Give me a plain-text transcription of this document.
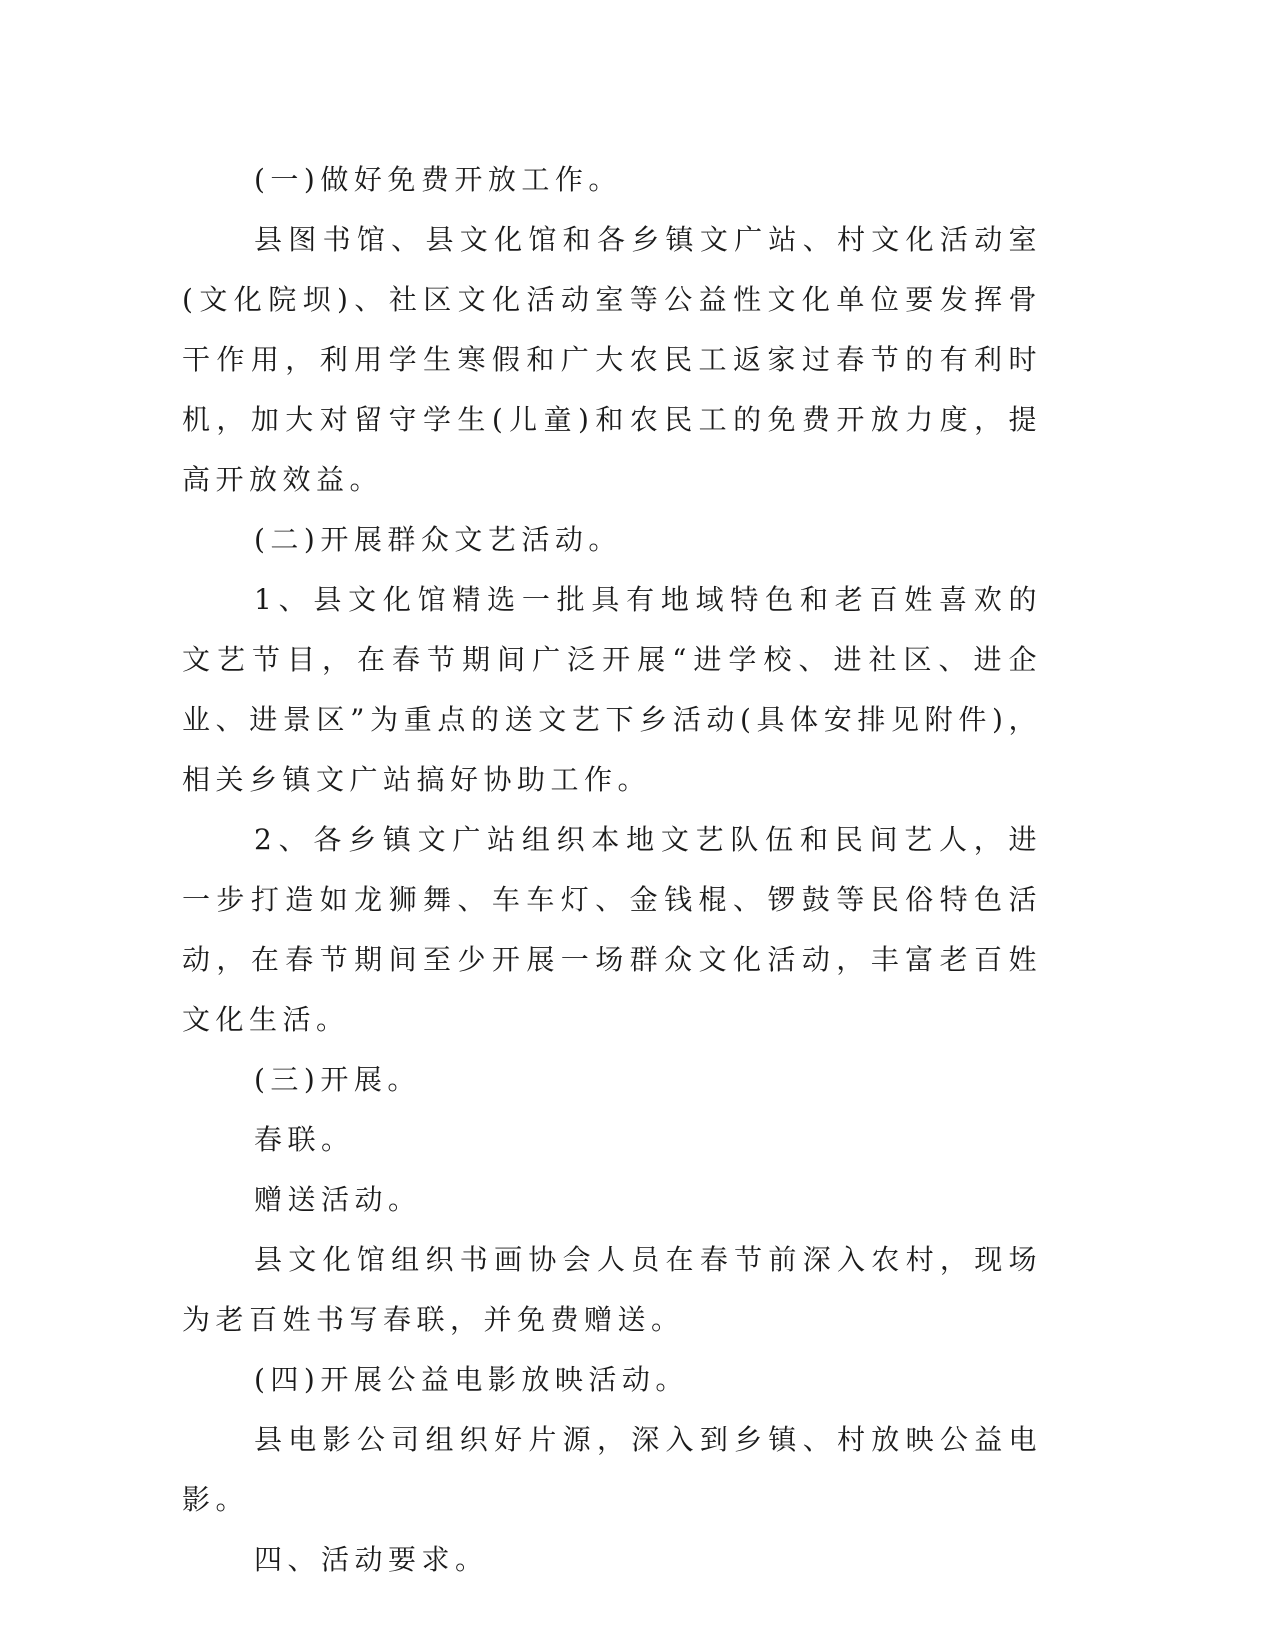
(一)做好免费开放工作。

县图书馆、县文化馆和各乡镇文广站、村文化活动室(文化院坝)、社区文化活动室等公益性文化单位要发挥骨干作用，利用学生寒假和广大农民工返家过春节的有利时机，加大对留守学生(儿童)和农民工的免费开放力度，提高开放效益。

(二)开展群众文艺活动。

1、县文化馆精选一批具有地域特色和老百姓喜欢的文艺节目，在春节期间广泛开展“进学校、进社区、进企业、进景区”为重点的送文艺下乡活动(具体安排见附件)，相关乡镇文广站搞好协助工作。

2、各乡镇文广站组织本地文艺队伍和民间艺人，进一步打造如龙狮舞、车车灯、金钱棍、锣鼓等民俗特色活动，在春节期间至少开展一场群众文化活动，丰富老百姓文化生活。

(三)开展。

春联。

赠送活动。

县文化馆组织书画协会人员在春节前深入农村，现场为老百姓书写春联，并免费赠送。

(四)开展公益电影放映活动。

县电影公司组织好片源，深入到乡镇、村放映公益电影。

四、活动要求。
